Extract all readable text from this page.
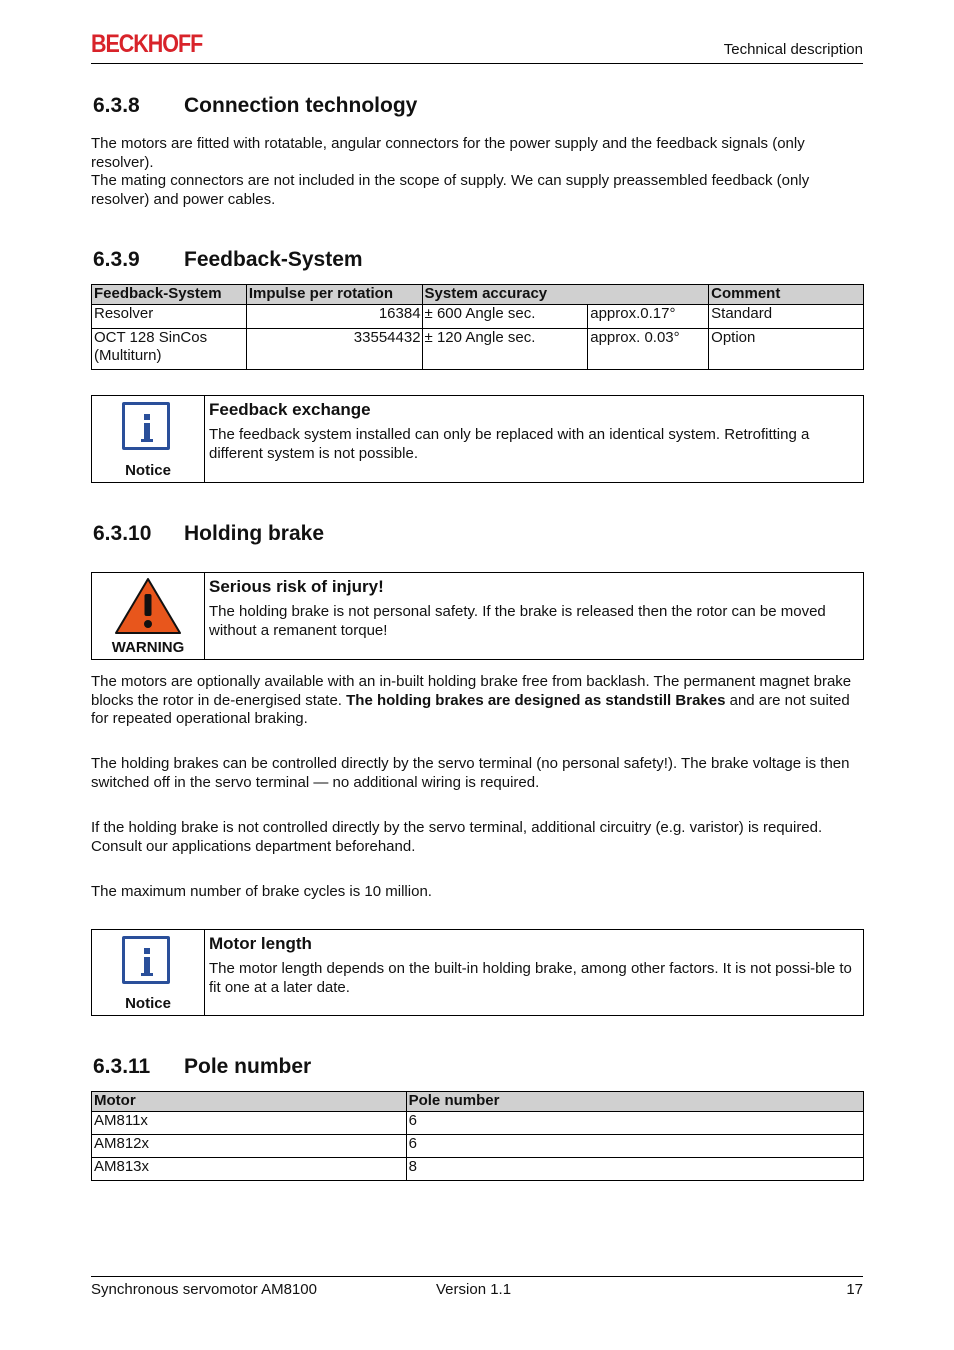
BECKHOFF	Technical description
6.3.8 Connection technology

The motors are fitted with rotatable, angular connectors for the power supply and the feedback signals (only resolver).

The mating connectors are not included in the scope of supply. We can supply preassembled feedback (only resolver) and power cables.

6.3.9 Feedback-System
Feedback-System	Impulse per rotation	System accuracy		Comment
Resolver	16384	± 600 Angle sec.	approx.0.17°	Standard
OCT 128 SinCos (Multiturn)	33554432	± 120 Angle sec.	approx. 0.03°	Option
Notice
Feedback exchange
The feedback system installed can only be replaced with an identical system. Retrofitting a different system is not possible.
6.3.10 Holding brake
WARNING
Serious risk of injury!
The holding brake is not personal safety. If the brake is released then the rotor can be moved without a remanent torque!
The motors are optionally available with an in-built holding brake free from backlash. The permanent magnet brake blocks the rotor in de-energised state. The holding brakes are designed as standstill Brakes and are not suited for repeated operational braking.
The holding brakes can be controlled directly by the servo terminal (no personal safety!). The brake voltage is then switched off in the servo terminal — no additional wiring is required.
If the holding brake is not controlled directly by the servo terminal, additional circuitry (e.g. varistor) is required. Consult our applications department beforehand.
The maximum number of brake cycles is 10 million.
Notice
Motor length
The motor length depends on the built-in holding brake, among other factors. It is not possi-ble to fit one at a later date.
6.3.11 Pole number
Motor	Pole number
AM811x	6
AM812x	6
AM813x	8
Synchronous servomotor AM8100	Version 1.1	17
